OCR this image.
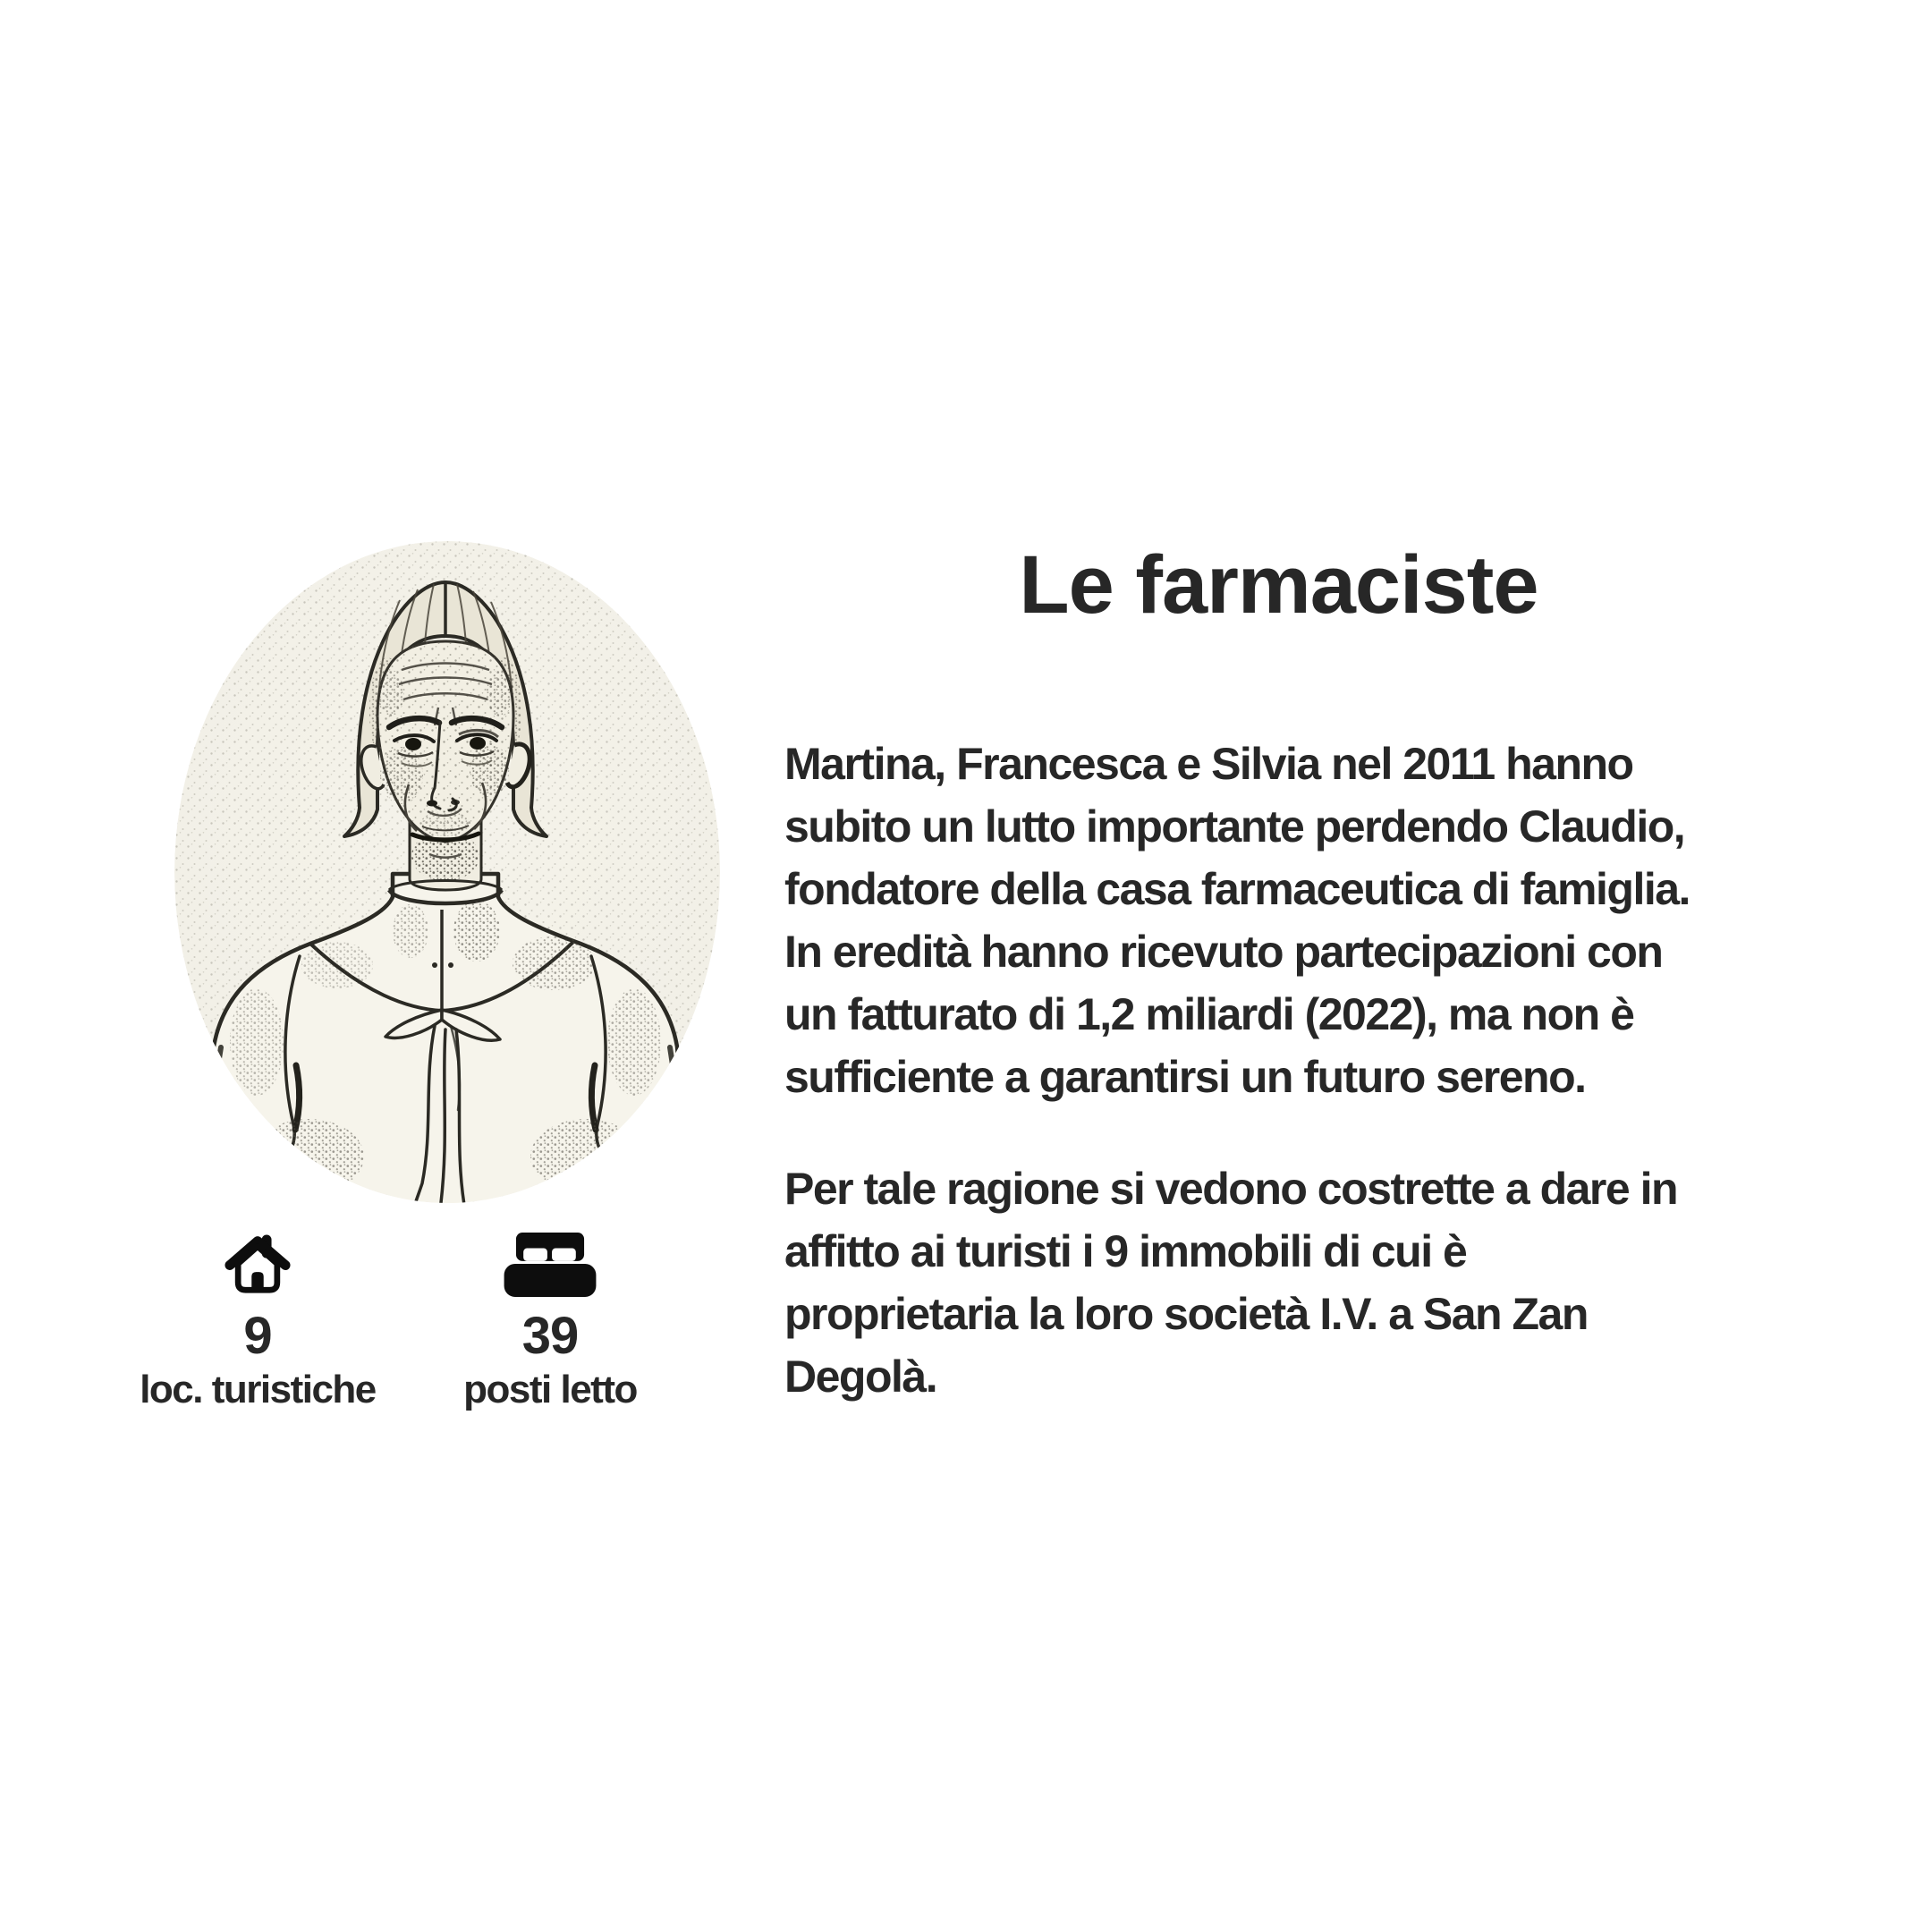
9
loc. turistiche
39
posti letto
Le farmaciste
Martina, Francesca e Silvia nel 2011 hanno
subito un lutto importante perdendo Claudio,
fondatore della casa farmaceutica di famiglia.
In eredità hanno ricevuto partecipazioni con
un fatturato di 1,2 miliardi (2022), ma non è
sufficiente a garantirsi un futuro sereno.
Per tale ragione si vedono costrette a dare in
affitto ai turisti i 9 immobili di cui è
proprietaria la loro società I.V. a San Zan
Degolà.
